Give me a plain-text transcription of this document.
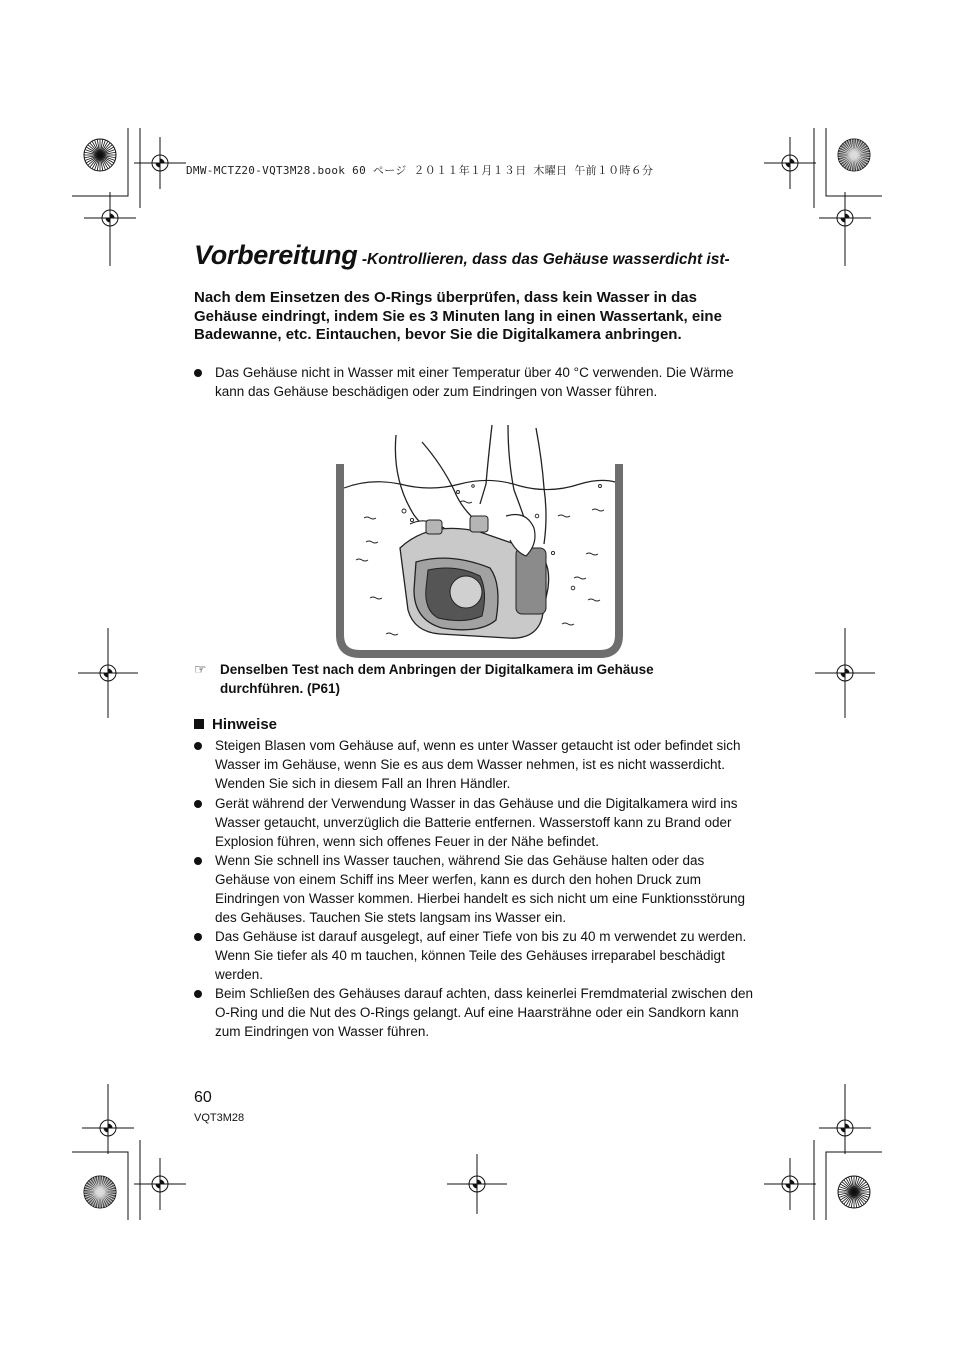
DMW-MCTZ20-VQT3M28.book 60 ページ ２０１１年１月１３日 木曜日 午前１０時６分
Vorbereitung -Kontrollieren, dass das Gehäuse wasserdicht ist-
Nach dem Einsetzen des O-Rings überprüfen, dass kein Wasser in das Gehäuse eindringt, indem Sie es 3 Minuten lang in einen Wassertank, eine Badewanne, etc. Eintauchen, bevor Sie die Digitalkamera anbringen.
Das Gehäuse nicht in Wasser mit einer Temperatur über 40 °C verwenden. Die Wärme kann das Gehäuse beschädigen oder zum Eindringen von Wasser führen.
☞ Denselben Test nach dem Anbringen der Digitalkamera im Gehäuse durchführen. (P61)
Hinweise
Steigen Blasen vom Gehäuse auf, wenn es unter Wasser getaucht ist oder befindet sich Wasser im Gehäuse, wenn Sie es aus dem Wasser nehmen, ist es nicht wasserdicht. Wenden Sie sich in diesem Fall an Ihren Händler.
Gerät während der Verwendung Wasser in das Gehäuse und die Digitalkamera wird ins Wasser getaucht, unverzüglich die Batterie entfernen. Wasserstoff kann zu Brand oder Explosion führen, wenn sich offenes Feuer in der Nähe befindet.
Wenn Sie schnell ins Wasser tauchen, während Sie das Gehäuse halten oder das Gehäuse von einem Schiff ins Meer werfen, kann es durch den hohen Druck zum Eindringen von Wasser kommen. Hierbei handelt es sich nicht um eine Funktionsstörung des Gehäuses. Tauchen Sie stets langsam ins Wasser ein.
Das Gehäuse ist darauf ausgelegt, auf einer Tiefe von bis zu 40 m verwendet zu werden. Wenn Sie tiefer als 40 m tauchen, können Teile des Gehäuses irreparabel beschädigt werden.
Beim Schließen des Gehäuses darauf achten, dass keinerlei Fremdmaterial zwischen den O-Ring und die Nut des O-Rings gelangt. Auf eine Haarsträhne oder ein Sandkorn kann zum Eindringen von Wasser führen.
60
VQT3M28
